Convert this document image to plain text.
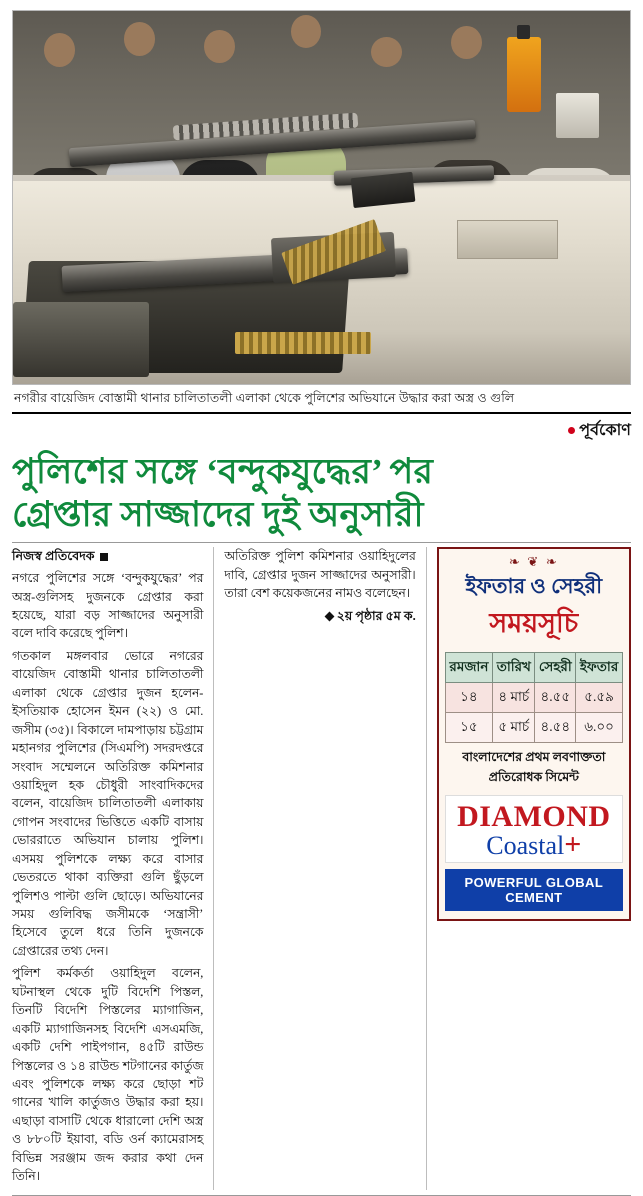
নগরীর বায়েজিদ বোস্তামী থানার চালিতাতলী এলাকা থেকে পুলিশের অভিযানে উদ্ধার করা অস্ত্র ও গুলি
পূর্বকোণ
পুলিশের সঙ্গে ‘বন্দুকযুদ্ধের’ পর
গ্রেপ্তার সাজ্জাদের দুই অনুসারী
নিজস্ব প্রতিবেদক

নগরে পুলিশের সঙ্গে ‘বন্দুকযুদ্ধের’ পর অস্ত্র-গুলিসহ দুজনকে গ্রেপ্তার করা হয়েছে, যারা বড় সাজ্জাদের অনুসারী বলে দাবি করেছে পুলিশ।

গতকাল মঙ্গলবার ভোরে নগরের বায়েজিদ বোস্তামী থানার চালিতাতলী এলাকা থেকে গ্রেপ্তার দুজন হলেন- ইসতিয়াক হোসেন ইমন (২২) ও মো. জসীম (৩৫)। বিকালে দামপাড়ায় চট্টগ্রাম মহানগর পুলিশের (সিএমপি) সদরদপ্তরে সংবাদ সম্মেলনে অতিরিক্ত কমিশনার ওয়াহিদুল হক চৌধুরী সাংবাদিকদের বলেন, বায়েজিদ চালিতাতলী এলাকায় গোপন সংবাদের ভিত্তিতে একটি বাসায় ভোররাতে অভিযান চালায় পুলিশ। এসময় পুলিশকে লক্ষ্য করে বাসার ভেতরতে থাকা ব্যক্তিরা গুলি ছুঁড়লে পুলিশও পাল্টা গুলি ছোড়ে। অভিযানের সময় গুলিবিদ্ধ জসীমকে ‘সন্ত্রাসী’ হিসেবে তুলে ধরে তিনি দুজনকে গ্রেপ্তারের তথ্য দেন।

পুলিশ কর্মকর্তা ওয়াহিদুল বলেন, ঘটনাস্থল থেকে দুটি বিদেশি পিস্তল, তিনটি বিদেশি পিস্তলের ম্যাগাজিন, একটি ম্যাগাজিনসহ বিদেশি এসএমজি, একটি দেশি পাইপগান, ৪৫টি রাউন্ড পিস্তলের ও ১৪ রাউন্ড শটগানের কার্তুজ এবং পুলিশকে লক্ষ্য করে ছোড়া শট গানের খালি কার্তুজও উদ্ধার করা হয়। এছাড়া বাসাটি থেকে ধারালো দেশি অস্ত্র ও ৮৮০টি ইয়াবা, বডি ওর্ন ক্যামেরাসহ বিভিন্ন সরঞ্জাম জব্দ করার কথা দেন তিনি।

অতিরিক্ত পুলিশ কমিশনার ওয়াহিদুলের দাবি, গ্রেপ্তার দুজন সাজ্জাদের অনুসারী। তারা বেশ কয়েকজনের নামও বলেছেন।

২য় পৃষ্ঠার ৫ম ক.
❧ ❦ ❧
ইফতার ও সেহরী
সময়সূচি
রমজান	তারিখ	সেহরী	ইফতার
১৪	৪ মার্চ	৪.৫৫	৫.৫৯
১৫	৫ মার্চ	৪.৫৪	৬.০০
বাংলাদেশের প্রথম লবণাক্ততা প্রতিরোধক সিমেন্ট
DIAMOND
Coastal+
POWERFUL GLOBAL CEMENT
